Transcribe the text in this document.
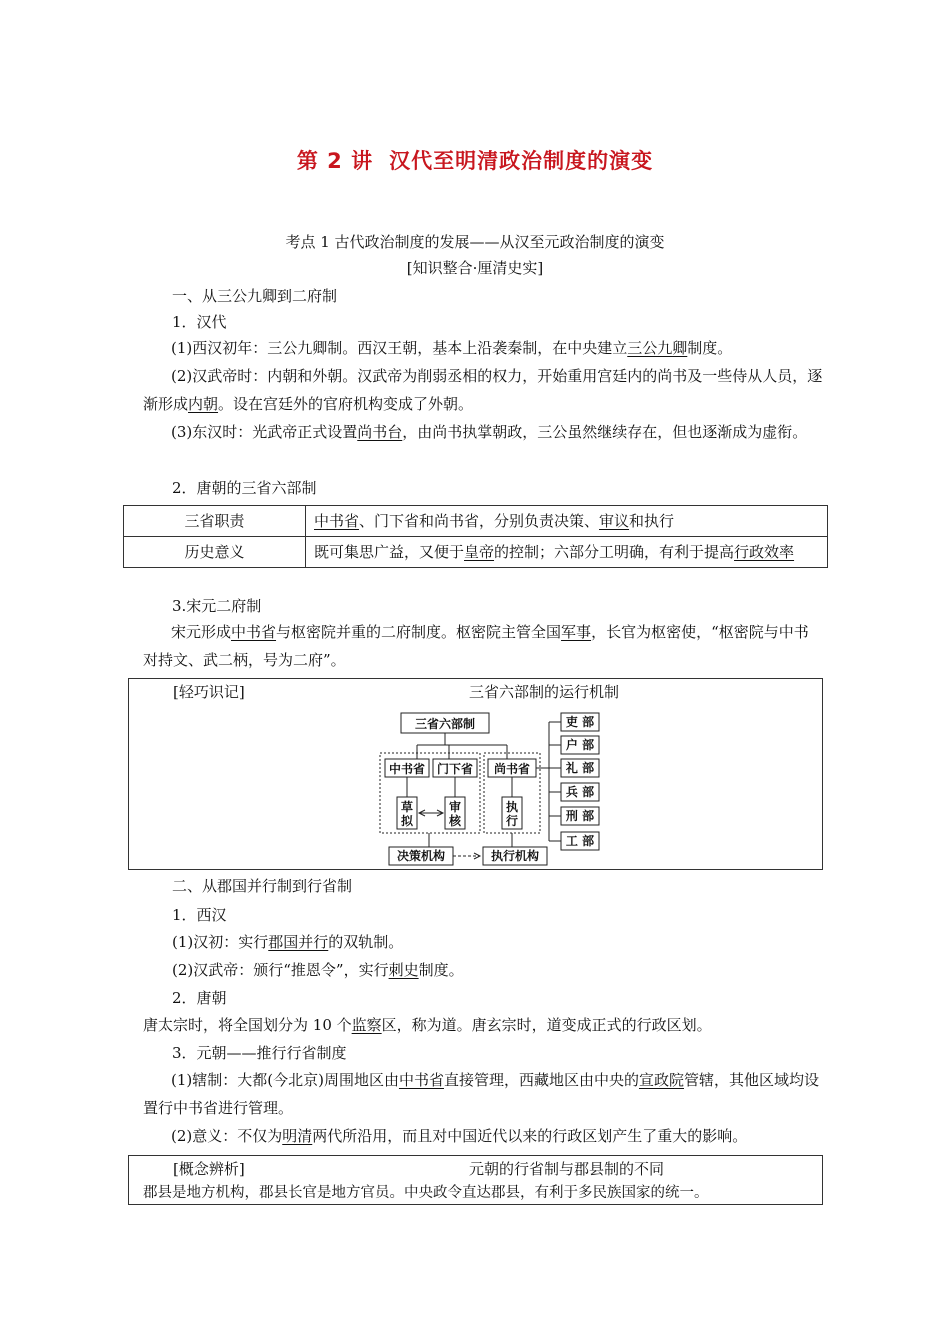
第 2 讲 汉代至明清政治制度的演变
考点 1 古代政治制度的发展——从汉至元政治制度的演变
[知识整合·厘清史实]
一、从三公九卿到二府制
1．汉代
(1)西汉初年：三公九卿制。西汉王朝，基本上沿袭秦制，在中央建立三公九卿制度。
(2)汉武帝时：内朝和外朝。汉武帝为削弱丞相的权力，开始重用宫廷内的尚书及一些侍从人员，逐渐形成内朝。设在宫廷外的官府机构变成了外朝。
(3)东汉时：光武帝正式设置尚书台，由尚书执掌朝政，三公虽然继续存在，但也逐渐成为虚衔。
2．唐朝的三省六部制
三省职责	中书省、门下省和尚书省，分别负责决策、审议和执行
历史意义	既可集思广益，又便于皇帝的控制；六部分工明确，有利于提高行政效率
3.宋元二府制
宋元形成中书省与枢密院并重的二府制度。枢密院主管全国军事，长官为枢密使，“枢密院与中书对持文、武二柄，号为二府”。
[轻巧识记]	三省六部制的运行机制
三省六部制
中书省 门下省 尚书省
草
拟
审
核
执
行
吏 部
户 部
礼 部
兵 部
刑 部
工 部
决策机构	执行机构
二、从郡国并行制到行省制
1．西汉
(1)汉初：实行郡国并行的双轨制。
(2)汉武帝：颁行“推恩令”，实行刺史制度。
2．唐朝
唐太宗时，将全国划分为 10 个监察区，称为道。唐玄宗时，道变成正式的行政区划。
3．元朝——推行行省制度
(1)辖制：大都(今北京)周围地区由中书省直接管理，西藏地区由中央的宣政院管辖，其他区域均设置行中书省进行管理。
(2)意义：不仅为明清两代所沿用，而且对中国近代以来的行政区划产生了重大的影响。
[概念辨析]	元朝的行省制与郡县制的不同
郡县是地方机构，郡县长官是地方官员。中央政令直达郡县，有利于多民族国家的统一。
